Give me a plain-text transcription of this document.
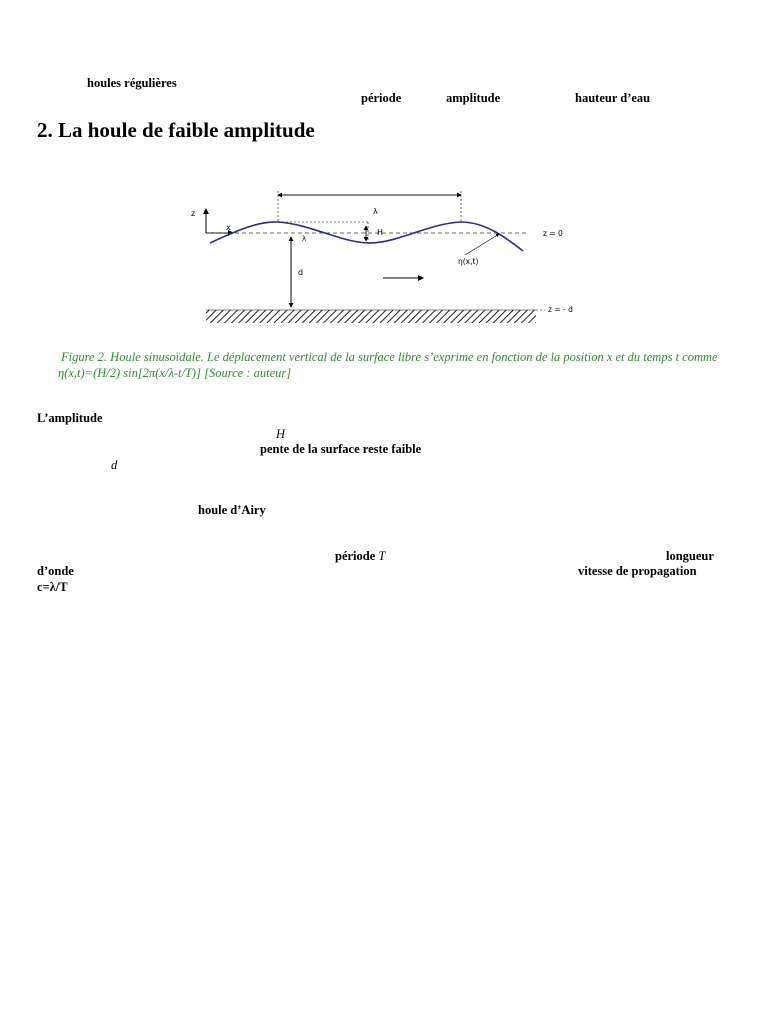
houles régulières
période	amplitude	hauteur d’eau
2. La houle de faible amplitude
z
x
λ
H
λ
d
η(x,t)
z = 0
z = - d
Figure 2. Houle sinusoïdale. Le déplacement vertical de la surface libre s’exprime en fonction de la position x et du temps t comme
η(x,t)=(H/2) sin[2π(x/λ-t/T)] [Source : auteur]
L’amplitude
H
pente de la surface reste faible
d
houle d’Airy
période T	longueur
d’onde	vitesse de propagation
c=λ/T
